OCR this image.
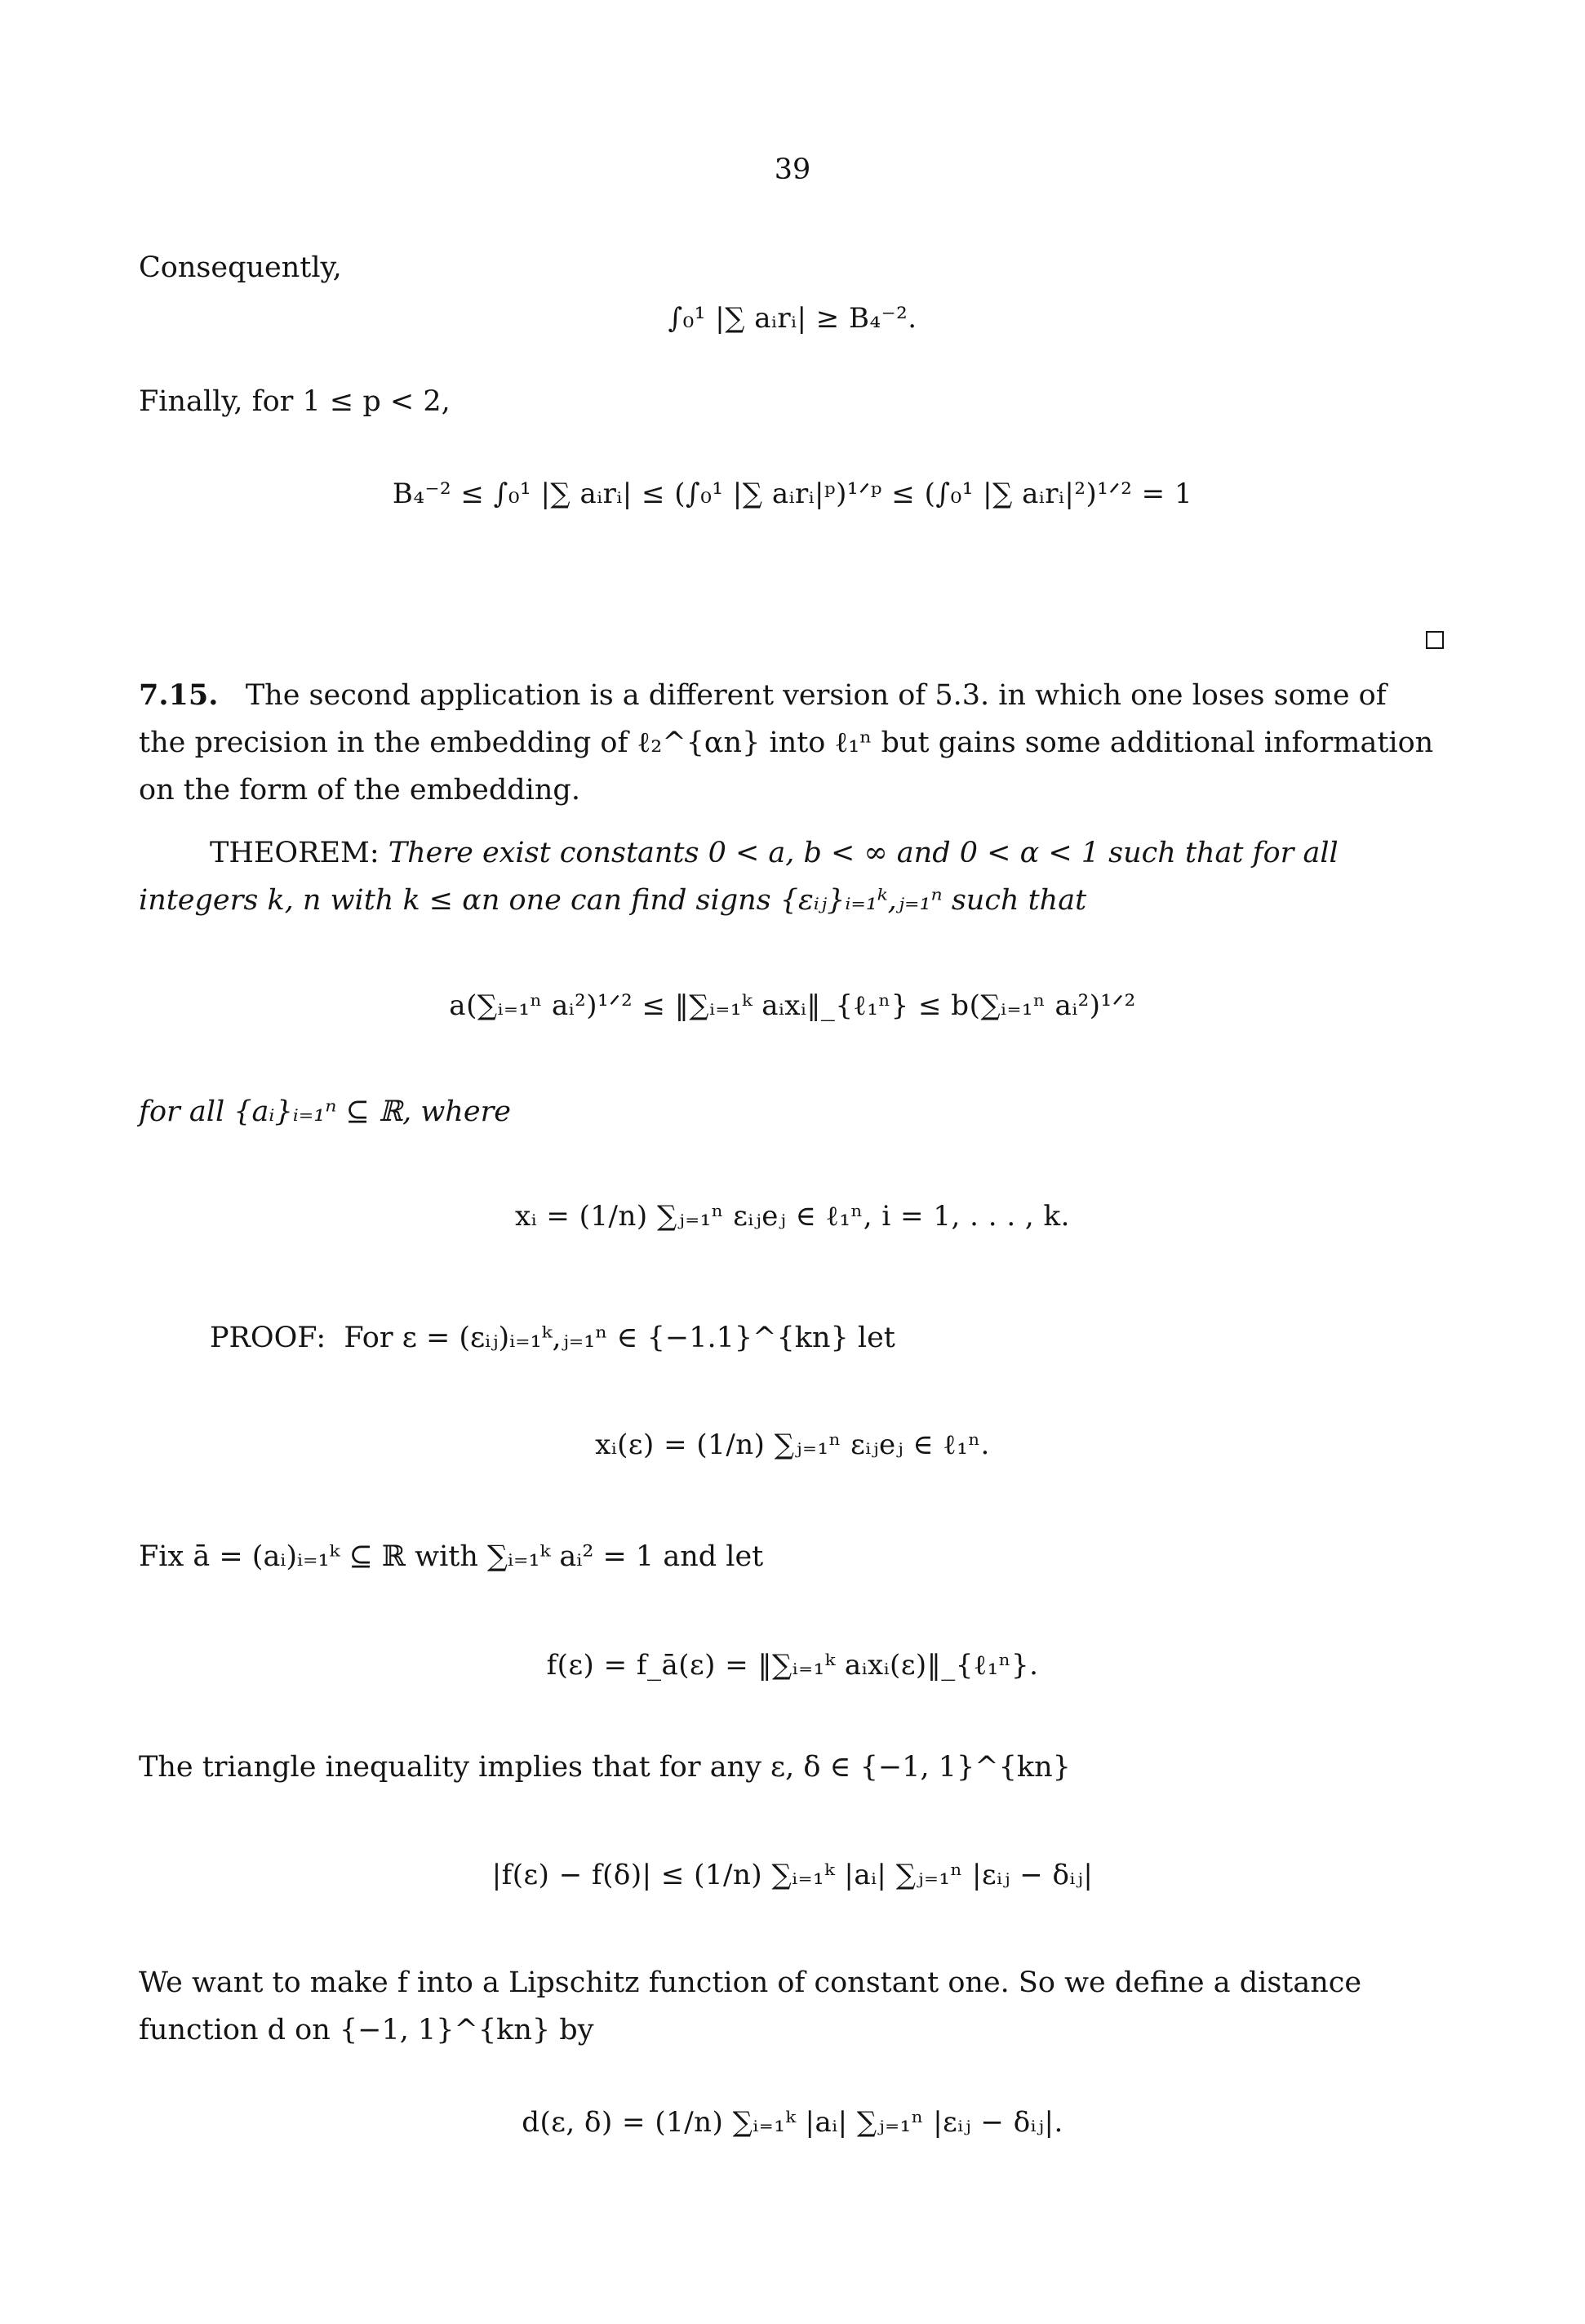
39
Consequently,
∫₀¹ |∑ aᵢrᵢ| ≥ B₄⁻².
Finally, for 1 ≤ p < 2,
B₄⁻² ≤ ∫₀¹ |∑ aᵢrᵢ| ≤ (∫₀¹ |∑ aᵢrᵢ|ᵖ)¹ᐟᵖ ≤ (∫₀¹ |∑ aᵢrᵢ|²)¹ᐟ² = 1
7.15. The second application is a different version of 5.3. in which one loses some of the precision in the embedding of ℓ₂^{αn} into ℓ₁ⁿ but gains some additional information on the form of the embedding.
THEOREM: There exist constants 0 < a, b < ∞ and 0 < α < 1 such that for all integers k, n with k ≤ αn one can find signs {εᵢⱼ}ᵢ₌₁ᵏ,ⱼ₌₁ⁿ such that
a(∑ᵢ₌₁ⁿ aᵢ²)¹ᐟ² ≤ ‖∑ᵢ₌₁ᵏ aᵢxᵢ‖_{ℓ₁ⁿ} ≤ b(∑ᵢ₌₁ⁿ aᵢ²)¹ᐟ²
for all {aᵢ}ᵢ₌₁ⁿ ⊆ ℝ, where
xᵢ = (1/n) ∑ⱼ₌₁ⁿ εᵢⱼeⱼ ∈ ℓ₁ⁿ, i = 1, . . . , k.
PROOF: For ε = (εᵢⱼ)ᵢ₌₁ᵏ,ⱼ₌₁ⁿ ∈ {−1.1}^{kn} let
xᵢ(ε) = (1/n) ∑ⱼ₌₁ⁿ εᵢⱼeⱼ ∈ ℓ₁ⁿ.
Fix ā = (aᵢ)ᵢ₌₁ᵏ ⊆ ℝ with ∑ᵢ₌₁ᵏ aᵢ² = 1 and let
f(ε) = f_ā(ε) = ‖∑ᵢ₌₁ᵏ aᵢxᵢ(ε)‖_{ℓ₁ⁿ}.
The triangle inequality implies that for any ε, δ ∈ {−1, 1}^{kn}
|f(ε) − f(δ)| ≤ (1/n) ∑ᵢ₌₁ᵏ |aᵢ| ∑ⱼ₌₁ⁿ |εᵢⱼ − δᵢⱼ|
We want to make f into a Lipschitz function of constant one. So we define a distance function d on {−1, 1}^{kn} by
d(ε, δ) = (1/n) ∑ᵢ₌₁ᵏ |aᵢ| ∑ⱼ₌₁ⁿ |εᵢⱼ − δᵢⱼ|.
